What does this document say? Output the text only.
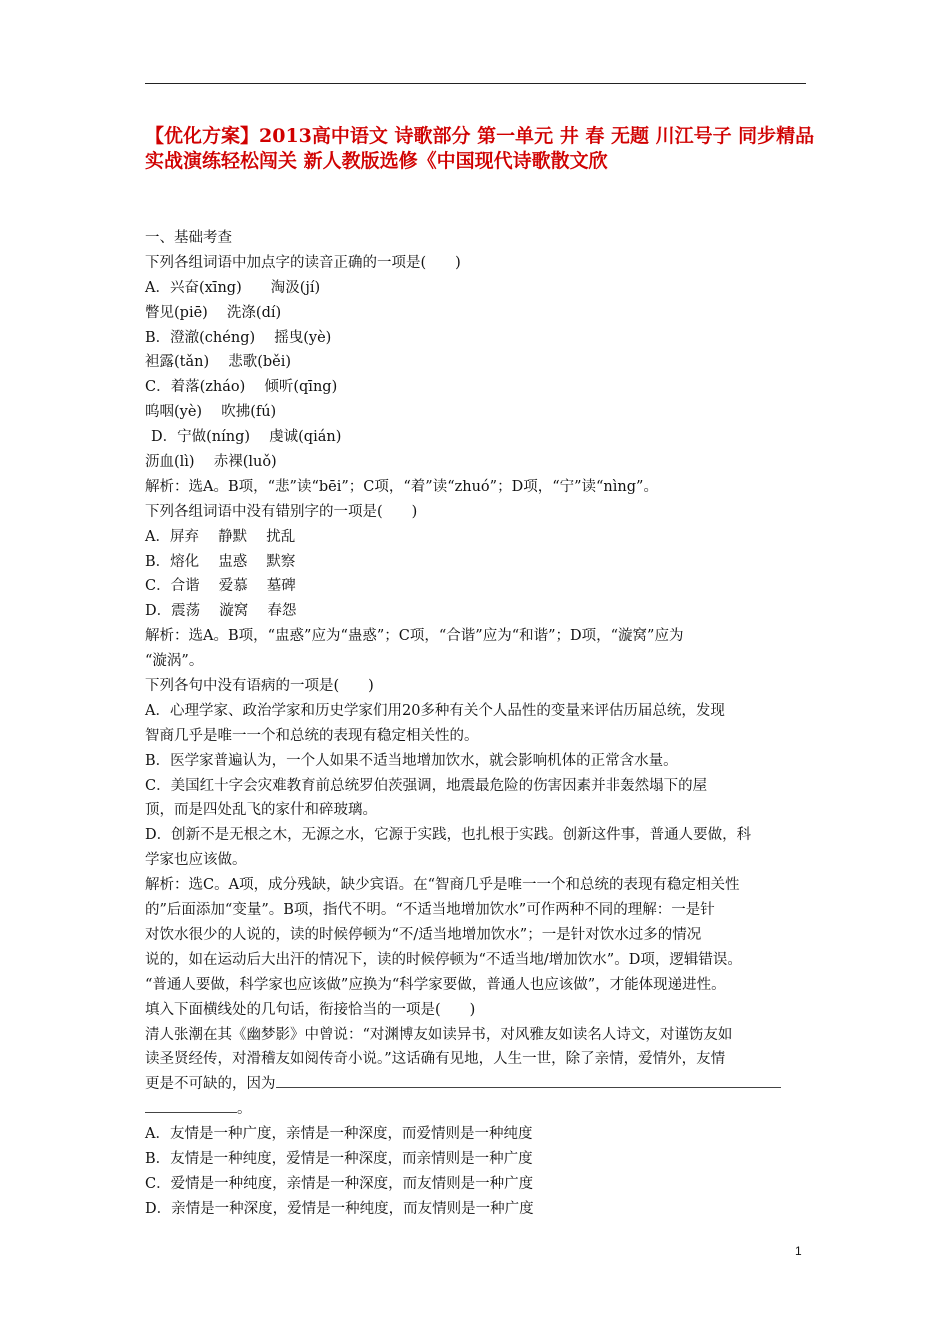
【优化方案】2013高中语文 诗歌部分 第一单元 井 春 无题 川江号子 同步精品实战演练轻松闯关 新人教版选修《中国现代诗歌散文欣
一、基础考查
下列各组词语中加点字的读音正确的一项是(　　)
A．兴奋(xīng)　　淘汲(jí)
瞥见(piē)　 洗涤(dí)
B．澄澈(chéng)　 摇曳(yè)
袒露(tǎn)　 悲歌(běi)
C．着落(zháo)　 倾听(qīng)
呜咽(yè)　 吹拂(fú)
D．宁做(níng)　 虔诚(qián)
沥血(lì)　 赤裸(luǒ)
解析：选A。B项，“悲”读“bēi”；C项，“着”读“zhuó”；D项，“宁”读“nìng”。
下列各组词语中没有错别字的一项是(　　)
A．屏弃　 静默　 扰乱
B．熔化　 盅惑　 默察
C．合谐　 爱慕　 墓碑
D．震荡　 漩窝　 春怨
解析：选A。B项，“盅惑”应为“蛊惑”；C项，“合谐”应为“和谐”；D项，“漩窝”应为
“漩涡”。
下列各句中没有语病的一项是(　　)
A．心理学家、政治学家和历史学家们用20多种有关个人品性的变量来评估历届总统，发现
智商几乎是唯一一个和总统的表现有稳定相关性的。
B．医学家普遍认为，一个人如果不适当地增加饮水，就会影响机体的正常含水量。
C．美国红十字会灾难教育前总统罗伯茨强调，地震最危险的伤害因素并非轰然塌下的屋
顶，而是四处乱飞的家什和碎玻璃。
D．创新不是无根之木，无源之水，它源于实践，也扎根于实践。创新这件事，普通人要做，科
学家也应该做。
解析：选C。A项，成分残缺，缺少宾语。在“智商几乎是唯一一个和总统的表现有稳定相关性
的”后面添加“变量”。B项，指代不明。“不适当地增加饮水”可作两种不同的理解：一是针
对饮水很少的人说的，读的时候停顿为“不/适当地增加饮水”；一是针对饮水过多的情况
说的，如在运动后大出汗的情况下，读的时候停顿为“不适当地/增加饮水”。D项，逻辑错误。
“普通人要做，科学家也应该做”应换为“科学家要做，普通人也应该做”，才能体现递进性。
填入下面横线处的几句话，衔接恰当的一项是(　　)
清人张潮在其《幽梦影》中曾说：“对渊博友如读异书，对风雅友如读名人诗文，对谨饬友如
读圣贤经传，对滑稽友如阅传奇小说。”这话确有见地，人生一世，除了亲情，爱情外，友情
更是不可缺的，因为
。
A．友情是一种广度，亲情是一种深度，而爱情则是一种纯度
B．友情是一种纯度，爱情是一种深度，而亲情则是一种广度
C．爱情是一种纯度，亲情是一种深度，而友情则是一种广度
D．亲情是一种深度，爱情是一种纯度，而友情则是一种广度
1
